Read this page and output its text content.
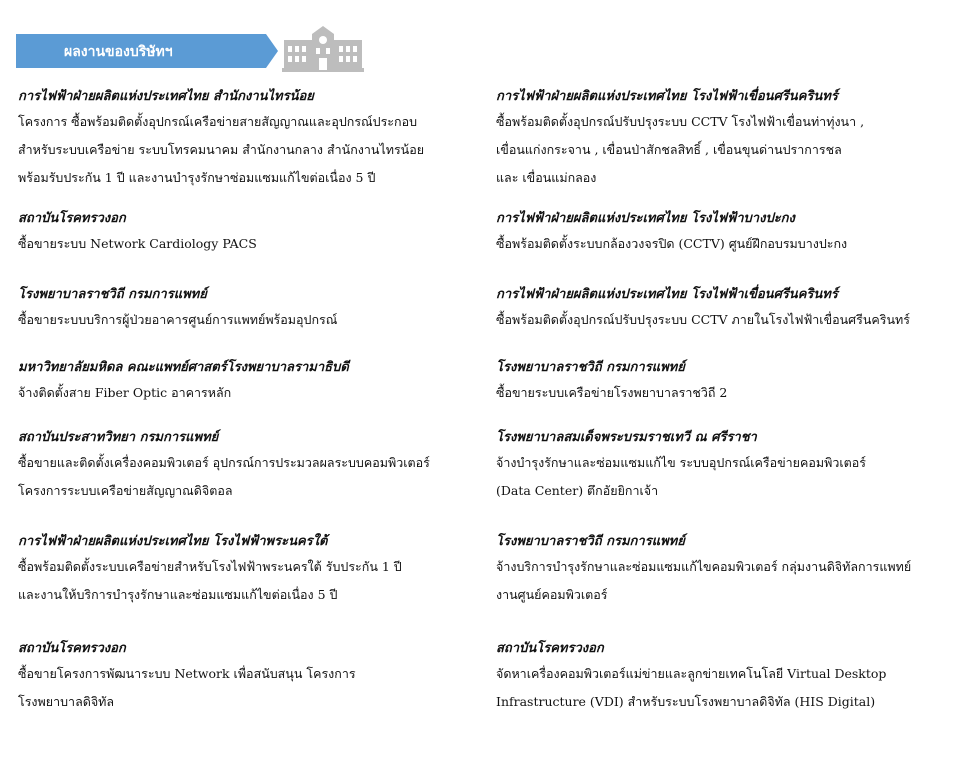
ผลงานของบริษัทฯ
การไฟฟ้าฝ่ายผลิตแห่งประเทศไทย สำนักงานไทรน้อย
โครงการ ซื้อพร้อมติดตั้งอุปกรณ์เครือข่ายสายสัญญาณและอุปกรณ์ประกอบ
สำหรับระบบเครือข่าย ระบบโทรคมนาคม สำนักงานกลาง สำนักงานไทรน้อย
พร้อมรับประกัน 1 ปี และงานบำรุงรักษาซ่อมแซมแก้ไขต่อเนื่อง 5 ปี
สถาบันโรคทรวงอก
ซื้อขายระบบ Network Cardiology PACS
โรงพยาบาลราชวิถี กรมการแพทย์
ซื้อขายระบบบริการผู้ป่วยอาคารศูนย์การแพทย์พร้อมอุปกรณ์
มหาวิทยาลัยมหิดล คณะแพทย์ศาสตร์โรงพยาบาลรามาธิบดี
จ้างติดตั้งสาย Fiber Optic อาคารหลัก
สถาบันประสาทวิทยา กรมการแพทย์
ซื้อขายและติดตั้งเครื่องคอมพิวเตอร์ อุปกรณ์การประมวลผลระบบคอมพิวเตอร์
โครงการระบบเครือข่ายสัญญาณดิจิตอล
การไฟฟ้าฝ่ายผลิตแห่งประเทศไทย โรงไฟฟ้าพระนครใต้
ซื้อพร้อมติดตั้งระบบเครือข่ายสำหรับโรงไฟฟ้าพระนครใต้ รับประกัน 1 ปี
และงานให้บริการบำรุงรักษาและซ่อมแซมแก้ไขต่อเนื่อง 5 ปี
สถาบันโรคทรวงอก
ซื้อขายโครงการพัฒนาระบบ Network เพื่อสนับสนุน โครงการ
โรงพยาบาลดิจิทัล
การไฟฟ้าฝ่ายผลิตแห่งประเทศไทย โรงไฟฟ้าเขื่อนศรีนครินทร์
ซื้อพร้อมติดตั้งอุปกรณ์ปรับปรุงระบบ CCTV โรงไฟฟ้าเขื่อนท่าทุ่งนา ,
เขื่อนแก่งกระจาน , เขื่อนป่าสักชลสิทธิ์ , เขื่อนขุนด่านปราการชล
และ เขื่อนแม่กลอง
การไฟฟ้าฝ่ายผลิตแห่งประเทศไทย โรงไฟฟ้าบางปะกง
ซื้อพร้อมติดตั้งระบบกล้องวงจรปิด (CCTV) ศูนย์ฝึกอบรมบางปะกง
การไฟฟ้าฝ่ายผลิตแห่งประเทศไทย โรงไฟฟ้าเขื่อนศรีนครินทร์
ซื้อพร้อมติดตั้งอุปกรณ์ปรับปรุงระบบ CCTV ภายในโรงไฟฟ้าเขื่อนศรีนครินทร์
โรงพยาบาลราชวิถี กรมการแพทย์
ซื้อขายระบบเครือข่ายโรงพยาบาลราชวิถี 2
โรงพยาบาลสมเด็จพระบรมราชเทวี ณ ศรีราชา
จ้างบำรุงรักษาและซ่อมแซมแก้ไข ระบบอุปกรณ์เครือข่ายคอมพิวเตอร์
(Data Center) ตึกอัยยิกาเจ้า
โรงพยาบาลราชวิถี กรมการแพทย์
จ้างบริการบำรุงรักษาและซ่อมแซมแก้ไขคอมพิวเตอร์ กลุ่มงานดิจิทัลการแพทย์
งานศูนย์คอมพิวเตอร์
สถาบันโรคทรวงอก
จัดหาเครื่องคอมพิวเตอร์แม่ข่ายและลูกข่ายเทคโนโลยี Virtual Desktop
Infrastructure (VDI) สำหรับระบบโรงพยาบาลดิจิทัล (HIS Digital)
